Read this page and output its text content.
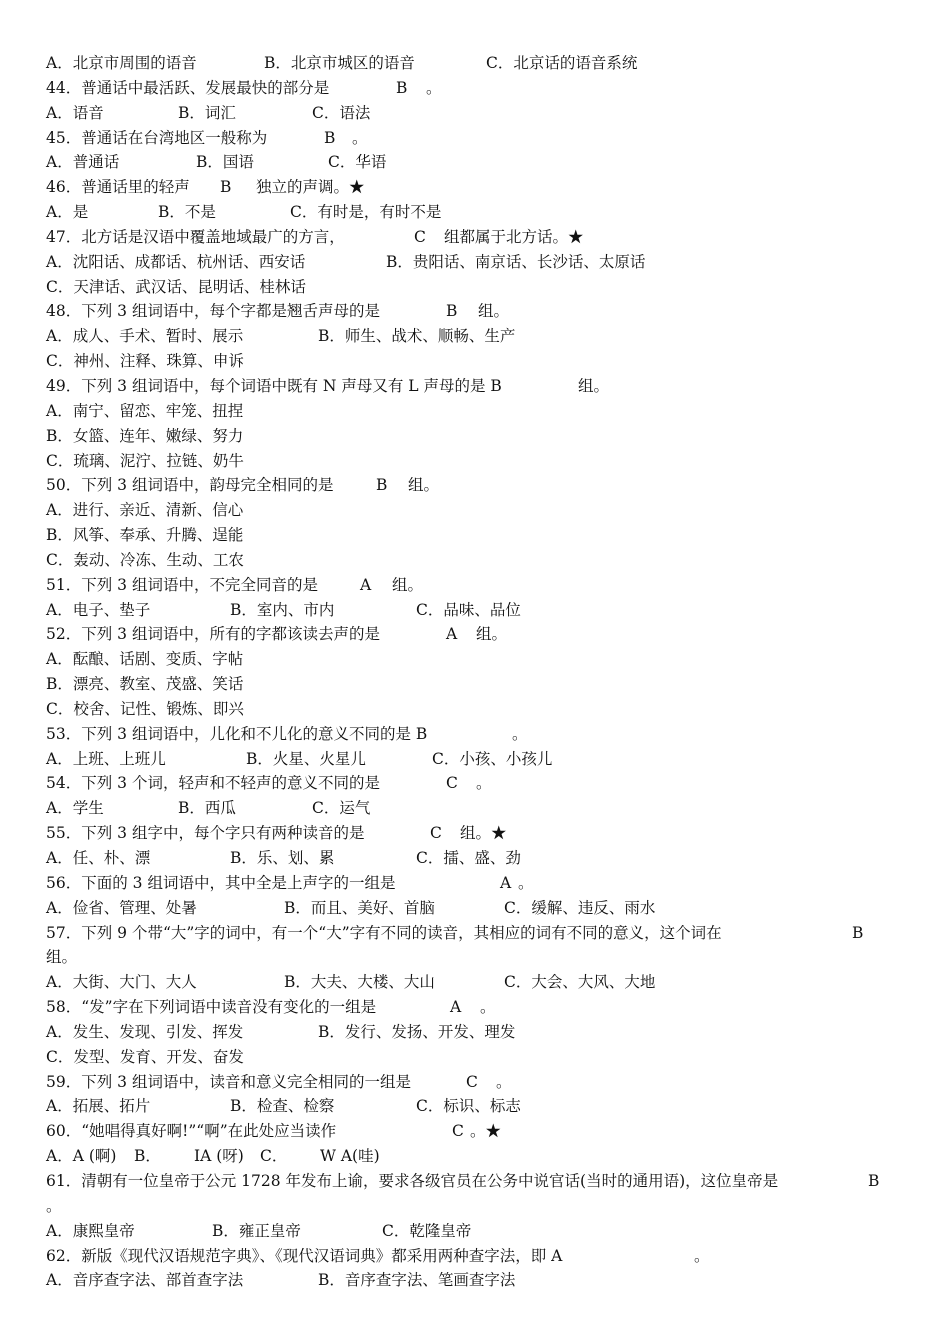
A．北京市周围的语音	B．北京市城区的语音	C．北京话的语音系统
44．普通话中最活跃、发展最快的部分是	B 。
A．语音	B．词汇	C．语法
45．普通话在台湾地区一般称为	B 。
A．普通话	B．国语	C．华语
46．普通话里的轻声 B 独立的声调。★
A．是	B．不是	C．有时是，有时不是
47．北方话是汉语中覆盖地域最广的方言，	C 组都属于北方话。★
A．沈阳话、成都话、杭州话、西安话	B．贵阳话、南京话、长沙话、太原话
C．天津话、武汉话、昆明话、桂林话
48．下列 3 组词语中，每个字都是翘舌声母的是	B 组。
A．成人、手术、暂时、展示	B．师生、战术、顺畅、生产
C．神州、注释、珠算、申诉
49．下列 3 组词语中，每个词语中既有 N 声母又有 L 声母的是 B	组。
A．南宁、留恋、牢笼、扭捏
B．女篮、连年、嫩绿、努力
C．琉璃、泥泞、拉链、奶牛
50．下列 3 组词语中，韵母完全相同的是	B 组。
A．进行、亲近、清新、信心
B．风筝、奉承、升腾、逞能
C．轰动、冷冻、生动、工农
51．下列 3 组词语中，不完全同音的是	A 组。
A．电子、垫子	B．室内、市内	C．品味、品位
52．下列 3 组词语中，所有的字都该读去声的是	A 组。
A．酝酿、话剧、变质、字帖
B．漂亮、教室、茂盛、笑话
C．校舍、记性、锻炼、即兴
53．下列 3 组词语中，儿化和不儿化的意义不同的是 B	。
A．上班、上班儿	B．火星、火星儿	C．小孩、小孩儿
54．下列 3 个词，轻声和不轻声的意义不同的是	C 。
A．学生	B．西瓜	C．运气
55．下列 3 组字中，每个字只有两种读音的是	C 组。★
A．任、朴、漂	B．乐、划、累	C．擂、盛、劲
56．下面的 3 组词语中，其中全是上声字的一组是	A 。
A．俭省、管理、处暑	B．而且、美好、首脑	C．缓解、违反、雨水
57．下列 9 个带“大”字的词中，有一个“大”字有不同的读音，其相应的词有不同的意义，这个词在	B
组。
A．大街、大门、大人	B．大夫、大楼、大山	C．大会、大风、大地
58．“发”字在下列词语中读音没有变化的一组是	A 。
A．发生、发现、引发、挥发	B．发行、发扬、开发、理发
C．发型、发育、开发、奋发
59．下列 3 组词语中，读音和意义完全相同的一组是	C 。
A．拓展、拓片	B．检查、检察	C．标识、标志
60．“她唱得真好啊!”“啊”在此处应当读作	C 。★
A．A (啊) B． IA (呀) C． W A(哇)
61．清朝有一位皇帝于公元 1728 年发布上谕，要求各级官员在公务中说官话(当时的通用语)，这位皇帝是	B
。
A．康熙皇帝	B．雍正皇帝	C．乾隆皇帝
62．新版《现代汉语规范字典》、《现代汉语词典》都采用两种查字法，即 A	。
A．音序查字法、部首查字法	B．音序查字法、笔画查字法
